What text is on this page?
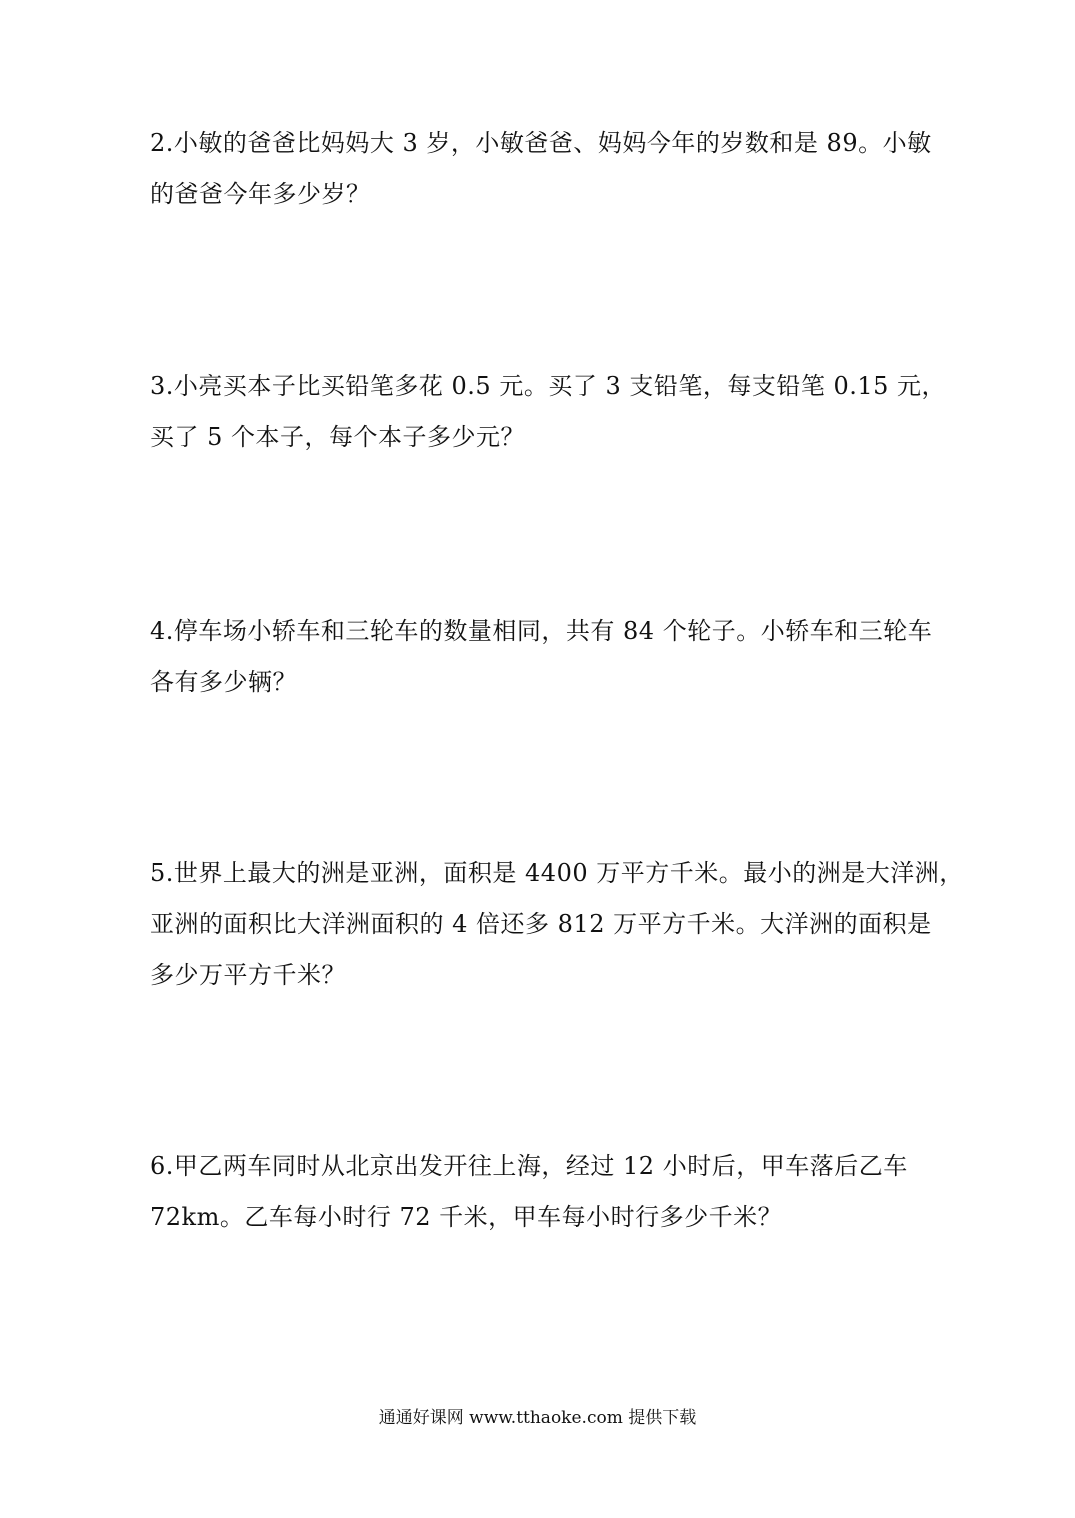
2.小敏的爸爸比妈妈大 3 岁，小敏爸爸、妈妈今年的岁数和是 89。小敏
的爸爸今年多少岁？
3.小亮买本子比买铅笔多花 0.5 元。买了 3 支铅笔，每支铅笔 0.15 元，
买了 5 个本子，每个本子多少元？
4.停车场小轿车和三轮车的数量相同，共有 84 个轮子。小轿车和三轮车
各有多少辆？
5.世界上最大的洲是亚洲，面积是 4400 万平方千米。最小的洲是大洋洲，
亚洲的面积比大洋洲面积的 4 倍还多 812 万平方千米。大洋洲的面积是
多少万平方千米？
6.甲乙两车同时从北京出发开往上海，经过 12 小时后，甲车落后乙车
72km。乙车每小时行 72 千米，甲车每小时行多少千米？
通通好课网 www.tthaoke.com 提供下载
